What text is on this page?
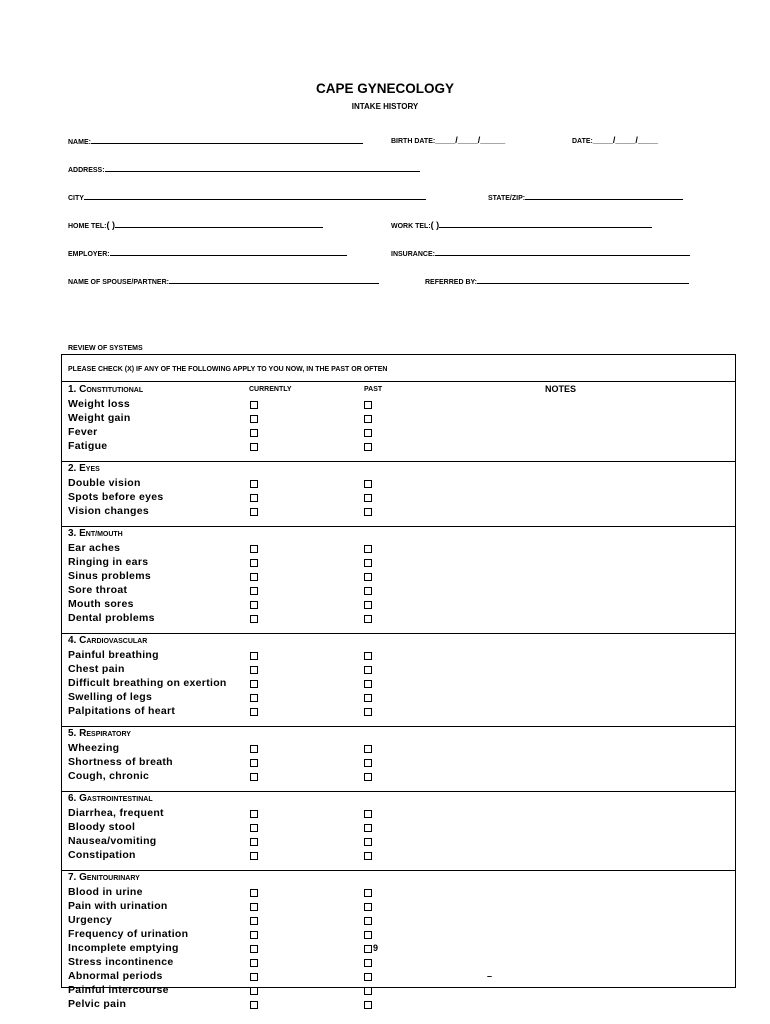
CAPE GYNECOLOGY
INTAKE HISTORY
NAME:	BIRTH DATE:____/____/_____	DATE:____/____/____
ADDRESS:
CITY	STATE/ZIP:
HOME TEL:( )	WORK TEL:( )
EMPLOYER:	INSURANCE:
NAME OF SPOUSE/PARTNER:	REFERRED BY:
REVIEW OF SYSTEMS
PLEASE CHECK (X) IF ANY OF THE FOLLOWING APPLY TO YOU NOW, IN THE PAST OR OFTEN
1. CONSTITUTIONAL	CURRENTLY	PAST	NOTES
Weight loss
Weight gain
Fever
Fatigue
2. EYES
Double vision
Spots before eyes
Vision changes
3. ENT/MOUTH
Ear aches
Ringing in ears
Sinus problems
Sore throat
Mouth sores
Dental problems
4. CARDIOVASCULAR
Painful breathing
Chest pain
Difficult breathing on exertion
Swelling of legs
Palpitations of heart
5. RESPIRATORY
Wheezing
Shortness of breath
Cough, chronic
6. GASTROINTESTINAL
Diarrhea, frequent
Bloody stool
Nausea/vomiting
Constipation
7. GENITOURINARY
Blood in urine
Pain with urination
Urgency
Frequency of urination
Incomplete emptying	9
Stress incontinence
Abnormal periods	–
Painful intercourse
Pelvic pain
